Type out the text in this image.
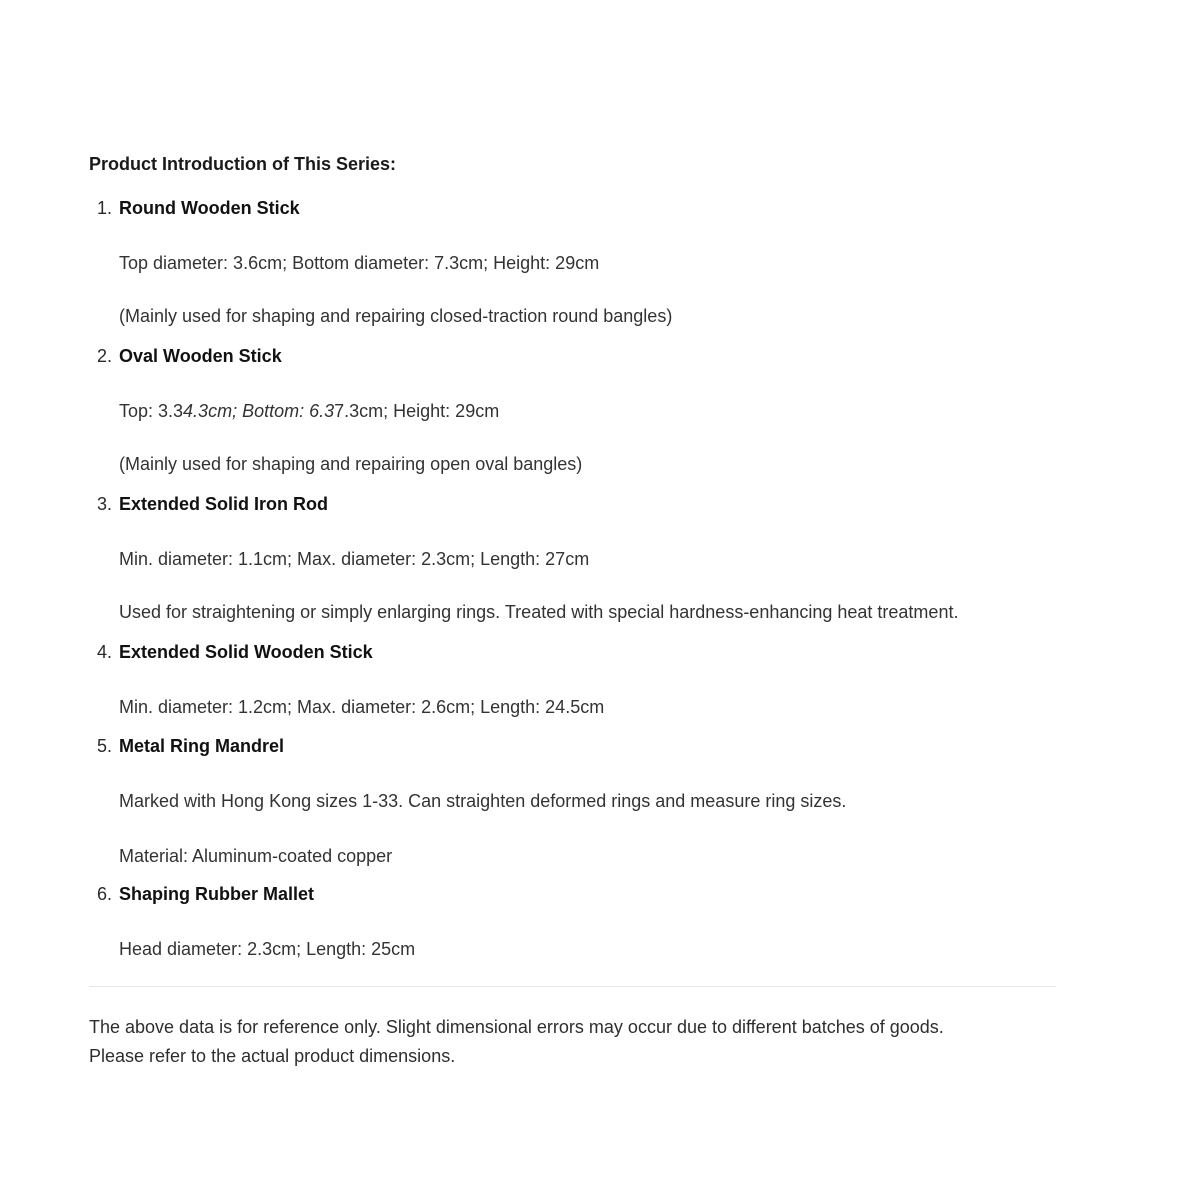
Product Introduction of This Series:

1. Round Wooden Stick

Top diameter: 3.6cm; Bottom diameter: 7.3cm; Height: 29cm

(Mainly used for shaping and repairing closed-traction round bangles)

2. Oval Wooden Stick

Top: 3.34.3cm; Bottom: 6.37.3cm; Height: 29cm

(Mainly used for shaping and repairing open oval bangles)

3. Extended Solid Iron Rod

Min. diameter: 1.1cm; Max. diameter: 2.3cm; Length: 27cm

Used for straightening or simply enlarging rings. Treated with special hardness-enhancing heat treatment.

4. Extended Solid Wooden Stick

Min. diameter: 1.2cm; Max. diameter: 2.6cm; Length: 24.5cm

5. Metal Ring Mandrel

Marked with Hong Kong sizes 1-33. Can straighten deformed rings and measure ring sizes.

Material: Aluminum-coated copper

6. Shaping Rubber Mallet

Head diameter: 2.3cm; Length: 25cm

The above data is for reference only. Slight dimensional errors may occur due to different batches of goods.
Please refer to the actual product dimensions.
